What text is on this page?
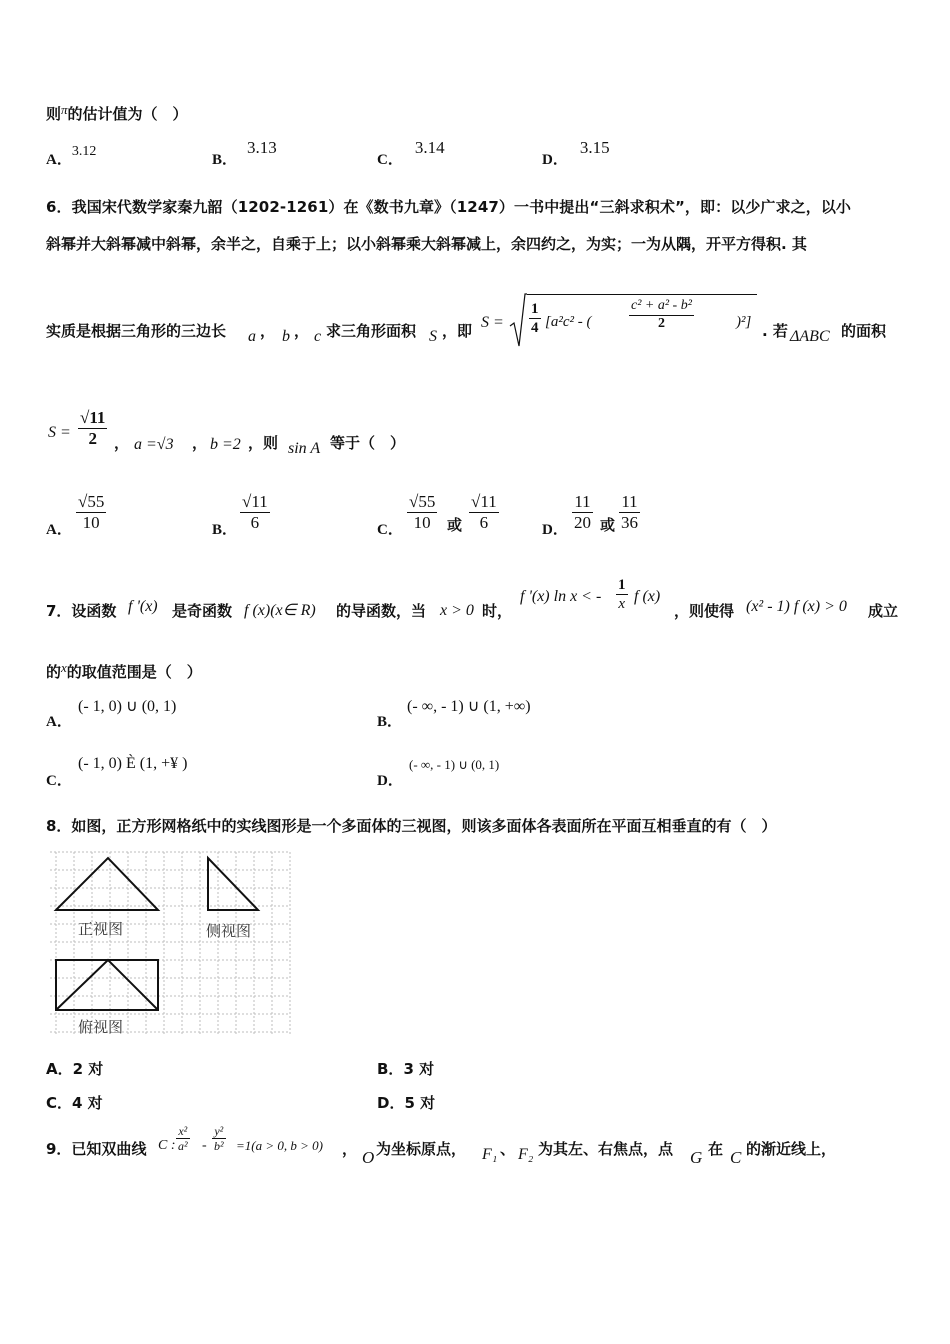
则π的估计值为（　）
A．3.12
B．3.13
C．3.14
D．3.15
6．我国宋代数学家秦九韶（1202-1261）在《数书九章》（1247）一书中提出“三斜求积术”，即：以少广求之，以小
斜幂并大斜幂减中斜幂，余半之，自乘于上；以小斜幂乘大斜幂减上，余四约之，为实；一为从隅，开平方得积. 其
实质是根据三角形的三边长 a ， b ， c 求三角形面积 S ，即 $S = \frac{1}{4} [a^2c^2$ - (	$\frac{\text{c² + a² - b²}}{2}$	)²] . 若 ΔABC 的面积
$S = \frac{√11}{2}$ ， a =√3 ， b =2 ，则 sin A 等于（　）
A． $\frac{√55}{10}$	B． $\frac{√11}{6}$	C． $\frac{√55}{10}$ 或 $\frac{√11}{6}$	D． $\frac{11}{20}$ 或 $\frac{11}{36}$
7．设函数 f '(x) 是奇函数 f (x)(x∈ R) 的导函数，当 x > 0 时，
f '(x) ln x < - $\frac{1}{x}$ f (x)
，则使得 (x² - 1) f (x) > 0 成立
的x的取值范围是（　）
A．
(- 1, 0) ∪ (0, 1)
B．
(- ∞, - 1) ∪ (1, +∞)
C．
(- 1, 0) È (1, +¥ )
D．
(- ∞, - 1) ∪ (0, 1)
8．如图，正方形网格纸中的实线图形是一个多面体的三视图，则该多面体各表面所在平面互相垂直的有（　）
正视图	侧视图
俯视图
A．2 对	B．3 对
C．4 对	D．5 对
9．已知双曲线 C : $\frac{\text{x²}}{\text{a²}} - \frac{\text{y²}}{\text{b²}} =1(a > 0$, b > 0) ， O 为坐标原点， F₁ 、 F₂ 为其左、右焦点，点 G 在 C 的渐近线上，
